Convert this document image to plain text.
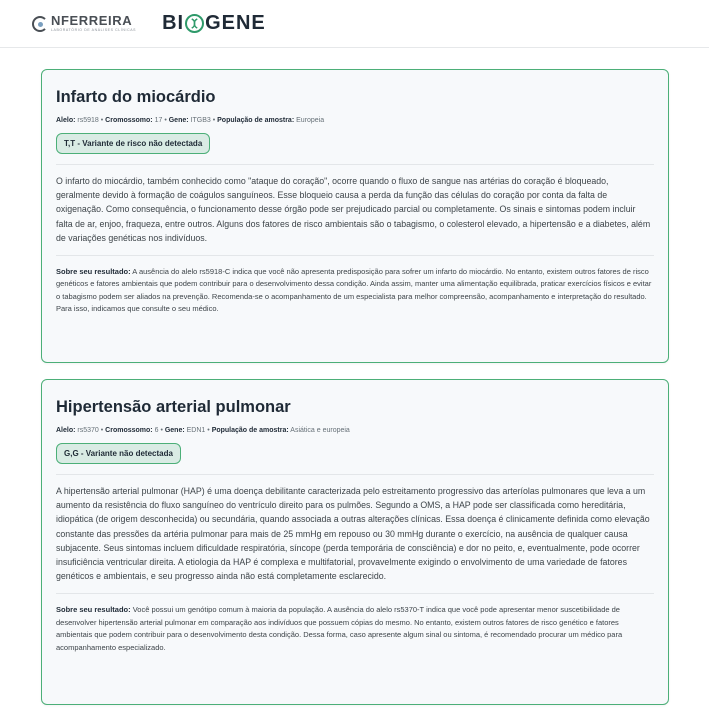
NFERREIRA
LABORATÓRIO DE ANÁLISES CLÍNICAS BI GENE
Infarto do miocárdio
Alelo: rs5918 • Cromossomo: 17 • Gene: ITGB3 • População de amostra: Europeia
T,T - Variante de risco não detectada

O infarto do miocárdio, também conhecido como "ataque do coração", ocorre quando o fluxo de sangue nas artérias do coração é bloqueado, geralmente devido à formação de coágulos sanguíneos. Esse bloqueio causa a perda da função das células do coração por conta da falta de oxigenação. Como consequência, o funcionamento desse órgão pode ser prejudicado parcial ou completamente. Os sinais e sintomas podem incluir falta de ar, enjoo, fraqueza, entre outros. Alguns dos fatores de risco ambientais são o tabagismo, o colesterol elevado, a hipertensão e a diabetes, além de variações genéticas nos indivíduos.

Sobre seu resultado: A ausência do alelo rs5918-C indica que você não apresenta predisposição para sofrer um infarto do miocárdio. No entanto, existem outros fatores de risco genéticos e fatores ambientais que podem contribuir para o desenvolvimento dessa condição. Ainda assim, manter uma alimentação equilibrada, praticar exercícios físicos e evitar o tabagismo podem ser aliados na prevenção. Recomenda-se o acompanhamento de um especialista para melhor compreensão, acompanhamento e interpretação do resultado. Para isso, indicamos que consulte o seu médico.

Hipertensão arterial pulmonar
Alelo: rs5370 • Cromossomo: 6 • Gene: EDN1 • População de amostra: Asiática e europeia
G,G - Variante não detectada

A hipertensão arterial pulmonar (HAP) é uma doença debilitante caracterizada pelo estreitamento progressivo das arteríolas pulmonares que leva a um aumento da resistência do fluxo sanguíneo do ventrículo direito para os pulmões. Segundo a OMS, a HAP pode ser classificada como hereditária, idiopática (de origem desconhecida) ou secundária, quando associada a outras alterações clínicas. Essa doença é clinicamente definida como elevação constante das pressões da artéria pulmonar para mais de 25 mmHg em repouso ou 30 mmHg durante o exercício, na ausência de qualquer causa subjacente. Seus sintomas incluem dificuldade respiratória, síncope (perda temporária de consciência) e dor no peito, e, eventualmente, pode ocorrer insuficiência ventricular direita. A etiologia da HAP é complexa e multifatorial, provavelmente exigindo o envolvimento de uma variedade de fatores genéticos e ambientais, e seu progresso ainda não está completamente esclarecido.

Sobre seu resultado: Você possui um genótipo comum à maioria da população. A ausência do alelo rs5370-T indica que você pode apresentar menor suscetibilidade de desenvolver hipertensão arterial pulmonar em comparação aos indivíduos que possuem cópias do mesmo. No entanto, existem outros fatores de risco genético e fatores ambientais que podem contribuir para o desenvolvimento desta condição. Dessa forma, caso apresente algum sinal ou sintoma, é recomendado procurar um médico para acompanhamento especializado.
